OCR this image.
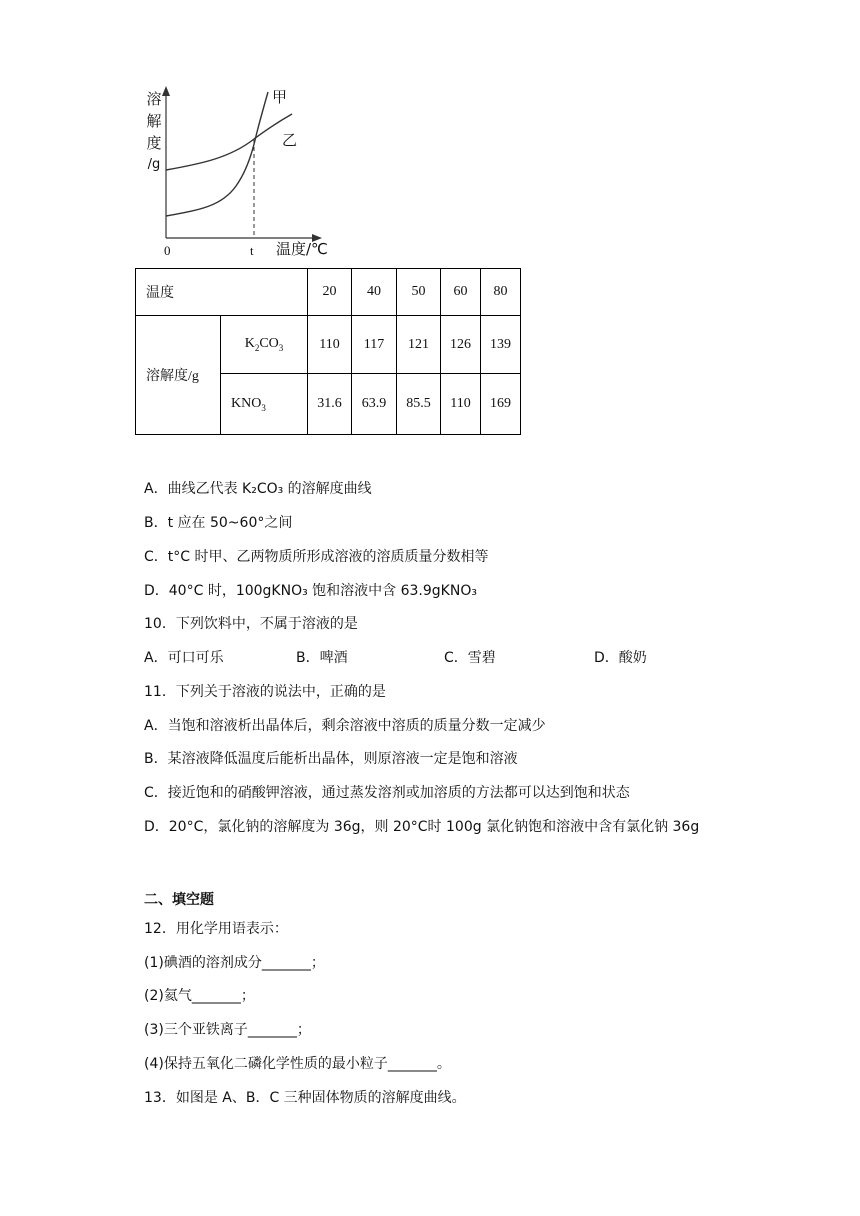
溶
解
度
/g
甲
乙
0	t 温度/℃
温度		20	40	50	60	80
溶解度/g	$K_2CO_3$	110	117	121	126	139
	$KNO_3$	31.6	63.9	85.5	110	169
A．曲线乙代表 K₂CO₃ 的溶解度曲线
B．t 应在 50~60°之间
C．t°C 时甲、乙两物质所形成溶液的溶质质量分数相等
D．40°C 时，100gKNO₃ 饱和溶液中含 63.9gKNO₃
10．下列饮料中，不属于溶液的是
A．可口可乐	B．啤酒	C．雪碧	D．酸奶
11．下列关于溶液的说法中，正确的是
A．当饱和溶液析出晶体后，剩余溶液中溶质的质量分数一定减少
B．某溶液降低温度后能析出晶体，则原溶液一定是饱和溶液
C．接近饱和的硝酸钾溶液，通过蒸发溶剂或加溶质的方法都可以达到饱和状态
D．20°C，氯化钠的溶解度为 36g，则 20°C时 100g 氯化钠饱和溶液中含有氯化钠 36g
二、填空题
12．用化学用语表示：
(1)碘酒的溶剂成分_______；
(2)氦气_______；
(3)三个亚铁离子_______；
(4)保持五氧化二磷化学性质的最小粒子_______。
13．如图是 A、B．C 三种固体物质的溶解度曲线。
